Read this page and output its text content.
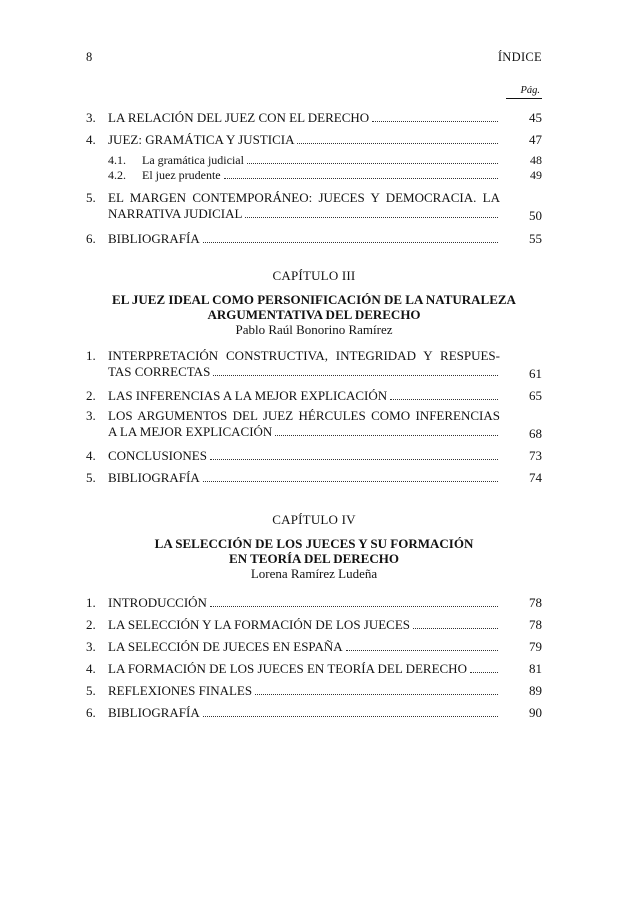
8	ÍNDICE
Pág.
3. LA RELACIÓN DEL JUEZ CON EL DERECHO	45
4. JUEZ: GRAMÁTICA Y JUSTICIA	47
4.1.	La gramática judicial	48
4.2.	El juez prudente	49
5. EL MARGEN CONTEMPORÁNEO: JUECES Y DEMOCRACIA. LA
NARRATIVA JUDICIAL	50
6. BIBLIOGRAFÍA	55
CAPÍTULO III
EL JUEZ IDEAL COMO PERSONIFICACIÓN DE LA NATURALEZA
ARGUMENTATIVA DEL DERECHO
Pablo Raúl Bonorino Ramírez
1. INTERPRETACIÓN CONSTRUCTIVA, INTEGRIDAD Y RESPUES-
TAS CORRECTAS	61
2. LAS INFERENCIAS A LA MEJOR EXPLICACIÓN	65
3. LOS ARGUMENTOS DEL JUEZ HÉRCULES COMO INFERENCIAS
A LA MEJOR EXPLICACIÓN	68
4. CONCLUSIONES	73
5. BIBLIOGRAFÍA	74
CAPÍTULO IV
LA SELECCIÓN DE LOS JUECES Y SU FORMACIÓN
EN TEORÍA DEL DERECHO
Lorena Ramírez Ludeña
1. INTRODUCCIÓN	78
2. LA SELECCIÓN Y LA FORMACIÓN DE LOS JUECES	78
3. LA SELECCIÓN DE JUECES EN ESPAÑA	79
4. LA FORMACIÓN DE LOS JUECES EN TEORÍA DEL DERECHO	81
5. REFLEXIONES FINALES	89
6. BIBLIOGRAFÍA	90
